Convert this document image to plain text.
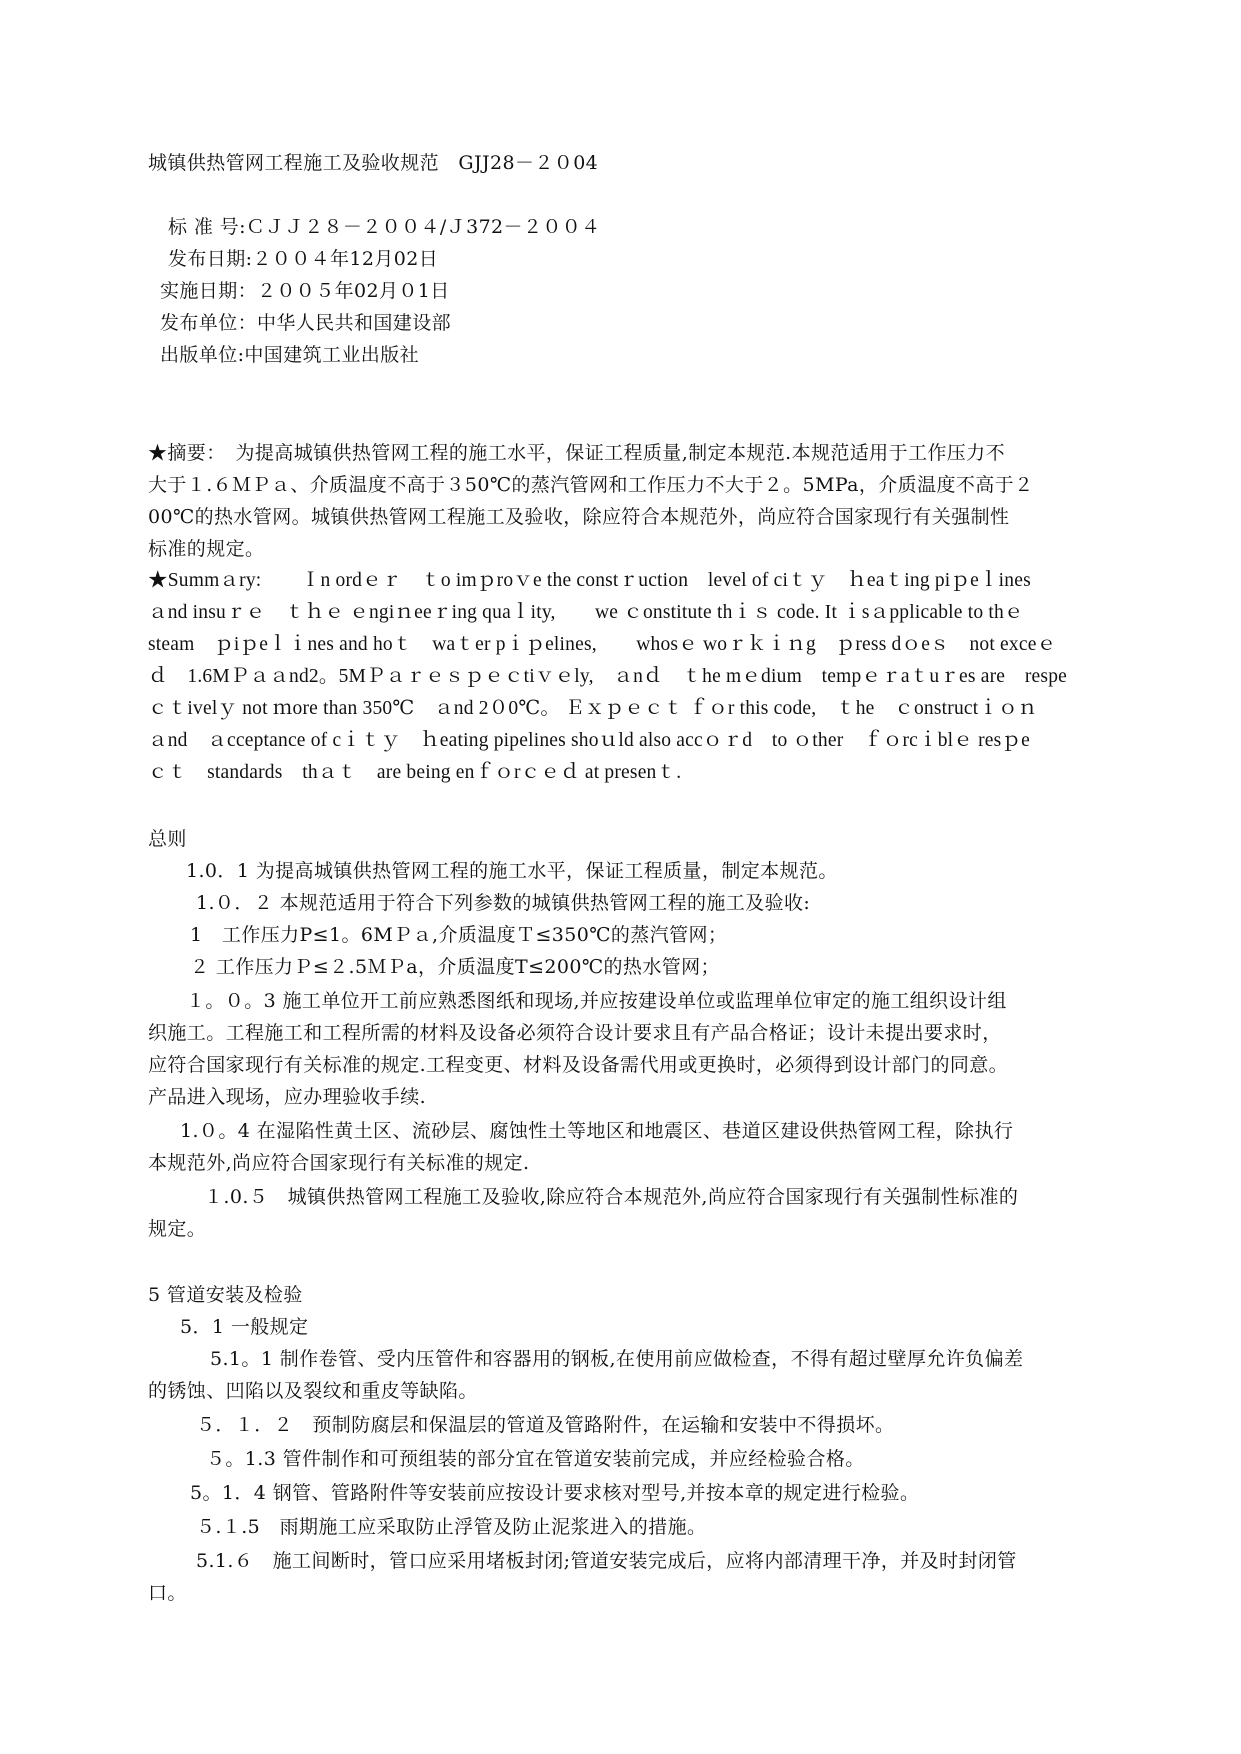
城镇供热管网工程施工及验收规范　GJJ28－２０04
标 准 号:ＣＪＪ２８－２００４/Ｊ372－２００４
发布日期:２００４年12月02日
实施日期：２００５年02月０1日
发布单位：中华人民共和国建设部
出版单位:中国建筑工业出版社
★摘要：　为提高城镇供热管网工程的施工水平，保证工程质量,制定本规范.本规范适用于工作压力不
大于１.６ＭＰａ、介质温度不高于３50℃的蒸汽管网和工作压力不大于２。5MPa，介质温度不高于２
00℃的热水管网。城镇供热管网工程施工及验收，除应符合本规范外，尚应符合国家现行有关强制性
标准的规定。
★Summａry:　　Ｉn ordｅｒ　ｔo imｐroｖe the constｒuction　level of ciｔｙ　ｈeaｔing piｐeｌines
ａnd insuｒｅ　ｔｈｅ ｅngiｎeeｒing quaｌity,　　we ｃonstitute thｉｓ code. It ｉsａpplicable to thｅ
steam　ｐiｐeｌｉnes and hoｔ　waｔer pｉｐelines,　　whosｅ woｒｋｉｎg　ｐress dｏeｓ　not exceｅ
ｄ　1.6MＰａａnd2。5MＰａｒｅｓｐｅｃtiｖｅly,　ａnｄ　ｔhe mｅdium　tempｅｒaｔuｒes are　respe
ｃｔivelｙ not ｍore than 350℃　ａnd 2０0℃。 Ｅｘｐｅｃｔ ｆｏr this code,　ｔhe　ｃonstructｉｏｎ
ａnd　ａcceptance of cｉｔｙ　ｈeating pipelines shoｕld also accｏｒd　to ｏther　ｆｏrcｉblｅ resｐe
ｃｔ　standards　thａｔ　are being enｆｏrｃｅｄ at presenｔ.
总则
1.0．1 为提高城镇供热管网工程的施工水平，保证工程质量，制定本规范。
1.０．２ 本规范适用于符合下列参数的城镇供热管网工程的施工及验收:
1　工作压力P≤1。6MＰａ,介质温度Ｔ≤350℃的蒸汽管网；
２ 工作压力Ｐ≤２.5ＭＰa，介质温度T≤200℃的热水管网；
１。０。3 施工单位开工前应熟悉图纸和现场,并应按建设单位或监理单位审定的施工组织设计组
织施工。工程施工和工程所需的材料及设备必须符合设计要求且有产品合格证；设计未提出要求时，
应符合国家现行有关标准的规定.工程变更、材料及设备需代用或更换时，必须得到设计部门的同意。
产品进入现场，应办理验收手续.
1.０。4 在湿陷性黄土区、流砂层、腐蚀性土等地区和地震区、巷道区建设供热管网工程，除执行
本规范外,尚应符合国家现行有关标准的规定.
１.0.５　城镇供热管网工程施工及验收,除应符合本规范外,尚应符合国家现行有关强制性标准的
规定。
5 管道安装及检验
5．1 一般规定
5.1。1 制作卷管、受内压管件和容器用的钢板,在使用前应做检查，不得有超过壁厚允许负偏差
的锈蚀、凹陷以及裂纹和重皮等缺陷。
５．１．２　预制防腐层和保温层的管道及管路附件，在运输和安装中不得损坏。
５。1.3 管件制作和可预组装的部分宜在管道安装前完成，并应经检验合格。
5。1．4 钢管、管路附件等安装前应按设计要求核对型号,并按本章的规定进行检验。
５.１.5　雨期施工应采取防止浮管及防止泥浆进入的措施。
5.1.６　施工间断时，管口应采用堵板封闭;管道安装完成后，应将内部清理干净，并及时封闭管
口。
